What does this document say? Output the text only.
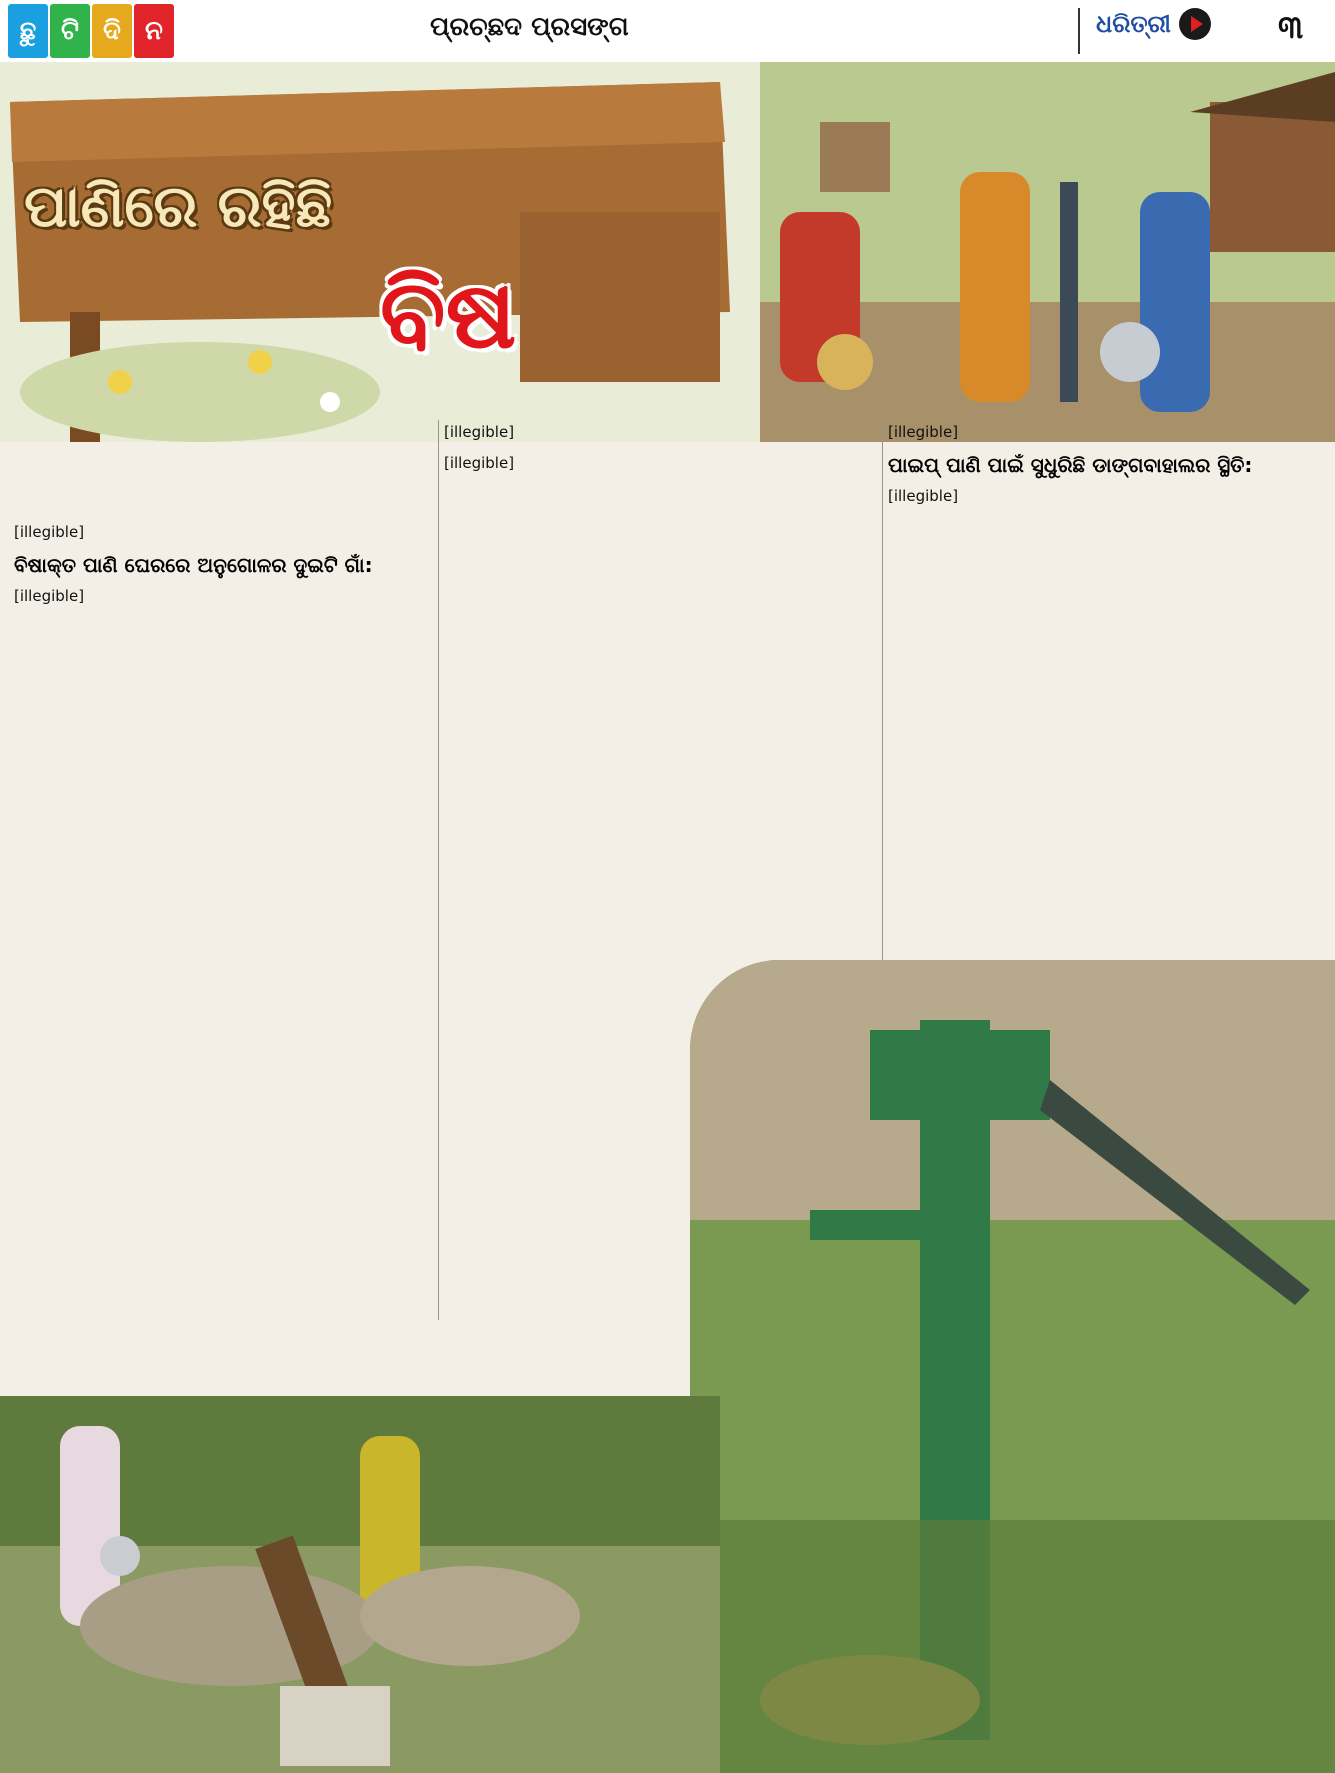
ଛୁ ଟି ଦି ନ	ପ୍ରଚ୍ଛଦ ପ୍ରସଙ୍ଗ	ଧରିତ୍ରୀ	୩
ପାଣିରେ ରହିଛି
ବିଷ

[illegible]

ବିଷାକ୍ତ ପାଣି ଘେରରେ ଅନୁଗୋଳର ଦୁଇଟି ଗାଁ:

[illegible]

[illegible]

[illegible]

[illegible]

ପାଇପ୍ ପାଣି ପାଇଁ ସୁଧୁରିଛି ଡାଙ୍ଗବାହାଲର ସ୍ଥିତି:

[illegible]
